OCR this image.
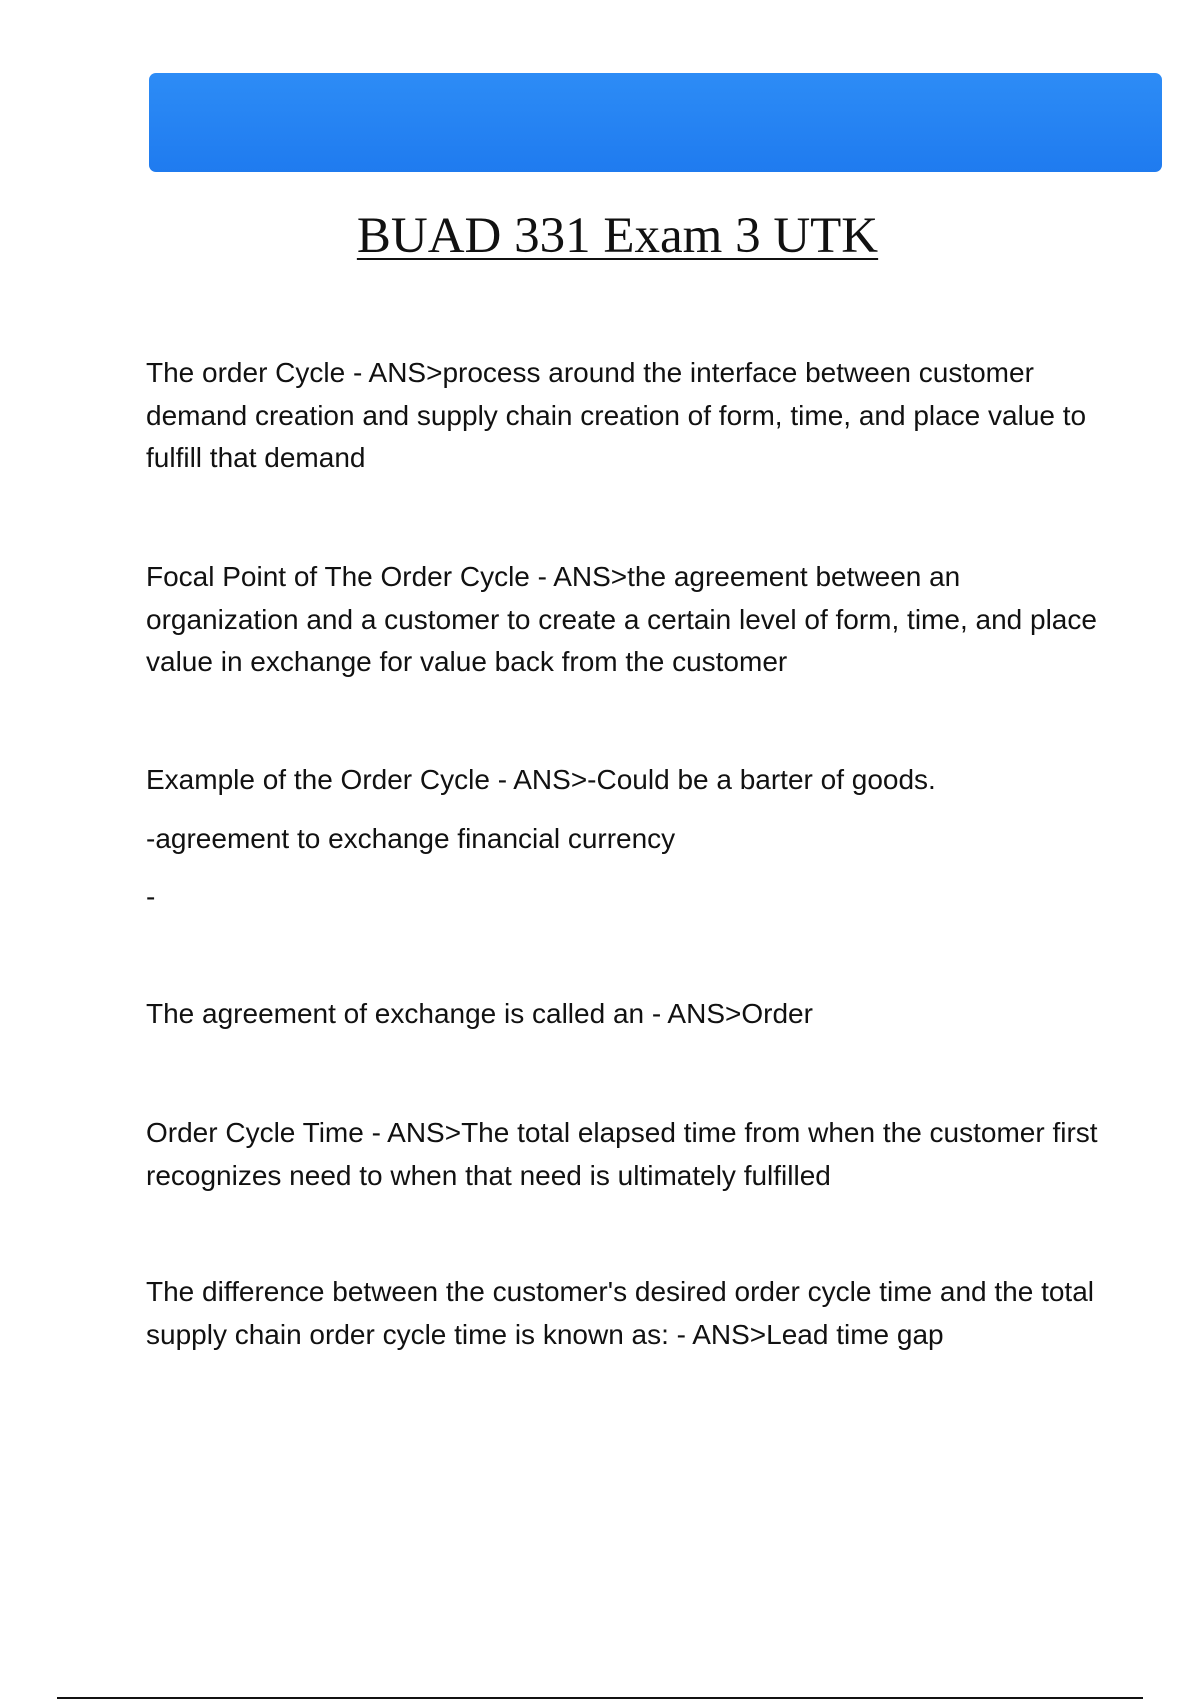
BUAD 331 Exam 3 UTK
The order Cycle - ANS>process around the interface between customer demand creation and supply chain creation of form, time, and place value to fulfill that demand
Focal Point of The Order Cycle - ANS>the agreement between an organization and a customer to create a certain level of form, time, and place value in exchange for value back from the customer
Example of the Order Cycle - ANS>-Could be a barter of goods.
-agreement to exchange financial currency
-
The agreement of exchange is called an - ANS>Order
Order Cycle Time - ANS>The total elapsed time from when the customer first recognizes need to when that need is ultimately fulfilled
The difference between the customer's desired order cycle time and the total supply chain order cycle time is known as: - ANS>Lead time gap
